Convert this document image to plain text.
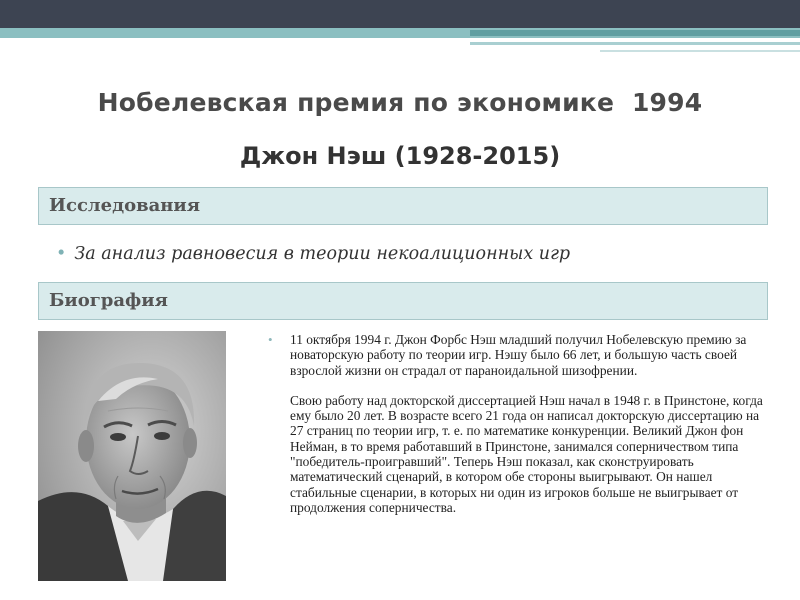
Нобелевская премия по экономике  1994
Джон Нэш (1928-2015)
Исследования
• За анализ равновесия в теории некоалиционных игр
Биография
• 11 октября 1994 г. Джон Форбс Нэш младший получил Нобелевскую премию за новаторскую работу по теории игр. Нэшу было 66 лет, и большую часть своей взрослой жизни он страдал от параноидальной шизофрении.

Свою работу над докторской диссертацией Нэш начал в 1948 г. в Принстоне, когда ему было 20 лет. В возрасте всего 21 года он написал докторскую диссертацию на 27 страниц по теории игр, т. е. по математике конкуренции. Великий Джон фон Нейман, в то время работавший в Принстоне, занимался соперничеством типа "победитель-проигравший". Теперь Нэш показал, как сконструировать математический сценарий, в котором обе стороны выигрывают. Он нашел стабильные сценарии, в которых ни один из игроков больше не выигрывает от продолжения соперничества.
